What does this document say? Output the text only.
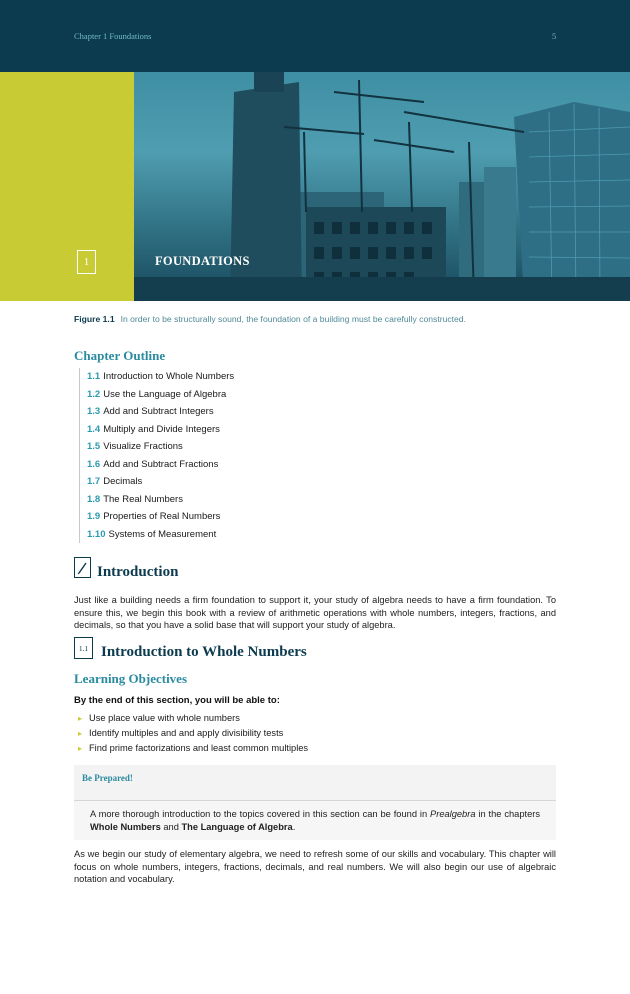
Chapter 1 Foundations	5
1	FOUNDATIONS
Figure 1.1 In order to be structurally sound, the foundation of a building must be carefully constructed.
Chapter Outline
1.1 Introduction to Whole Numbers
1.2 Use the Language of Algebra
1.3 Add and Subtract Integers
1.4 Multiply and Divide Integers
1.5 Visualize Fractions
1.6 Add and Subtract Fractions
1.7 Decimals
1.8 The Real Numbers
1.9 Properties of Real Numbers
1.10 Systems of Measurement
Introduction

Just like a building needs a firm foundation to support it, your study of algebra needs to have a firm foundation. To ensure this, we begin this book with a review of arithmetic operations with whole numbers, integers, fractions, and decimals, so that you have a solid base that will support your study of algebra.

1.1 Introduction to Whole Numbers
Learning Objectives
By the end of this section, you will be able to:
▸ Use place value with whole numbers
▸ Identify multiples and and apply divisibility tests
▸ Find prime factorizations and least common multiples
Be Prepared!

A more thorough introduction to the topics covered in this section can be found in Prealgebra in the chapters Whole Numbers and The Language of Algebra.

As we begin our study of elementary algebra, we need to refresh some of our skills and vocabulary. This chapter will focus on whole numbers, integers, fractions, decimals, and real numbers. We will also begin our use of algebraic notation and vocabulary.
